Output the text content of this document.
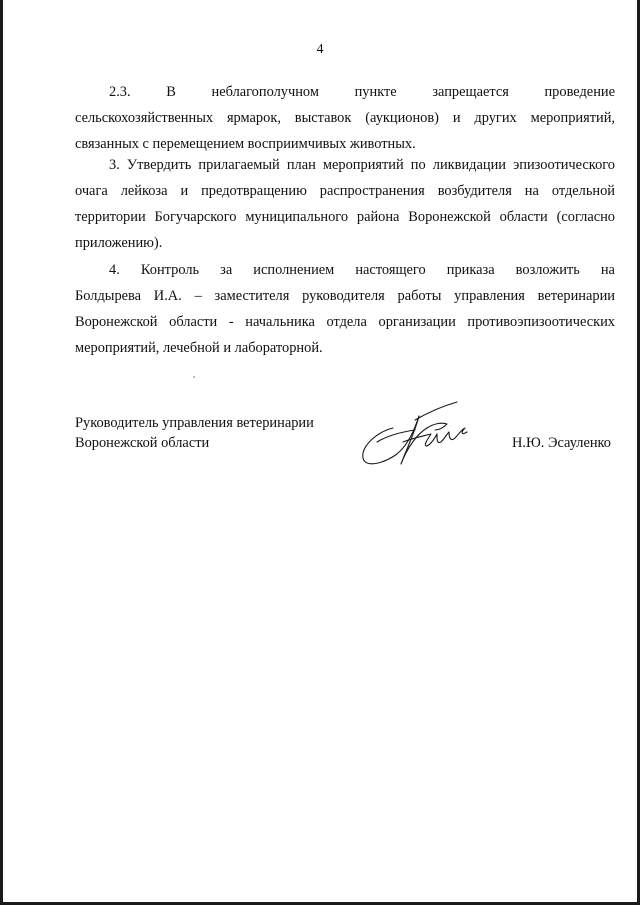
4
2.3. В неблагополучном пункте запрещается проведение
сельскохозяйственных ярмарок, выставок (аукционов) и других мероприятий,
связанных с перемещением восприимчивых животных.
3. Утвердить прилагаемый план мероприятий по ликвидации эпизоотического
очага лейкоза и предотвращению распространения возбудителя на отдельной
территории Богучарского муниципального района Воронежской области (согласно
приложению).
4. Контроль за исполнением настоящего приказа возложить на
Болдырева И.А. – заместителя руководителя работы управления ветеринарии
Воронежской области - начальника отдела организации противоэпизоотических
мероприятий, лечебной и лабораторной.
Руководитель управления ветеринарии
Воронежской области	Н.Ю. Эсауленко
